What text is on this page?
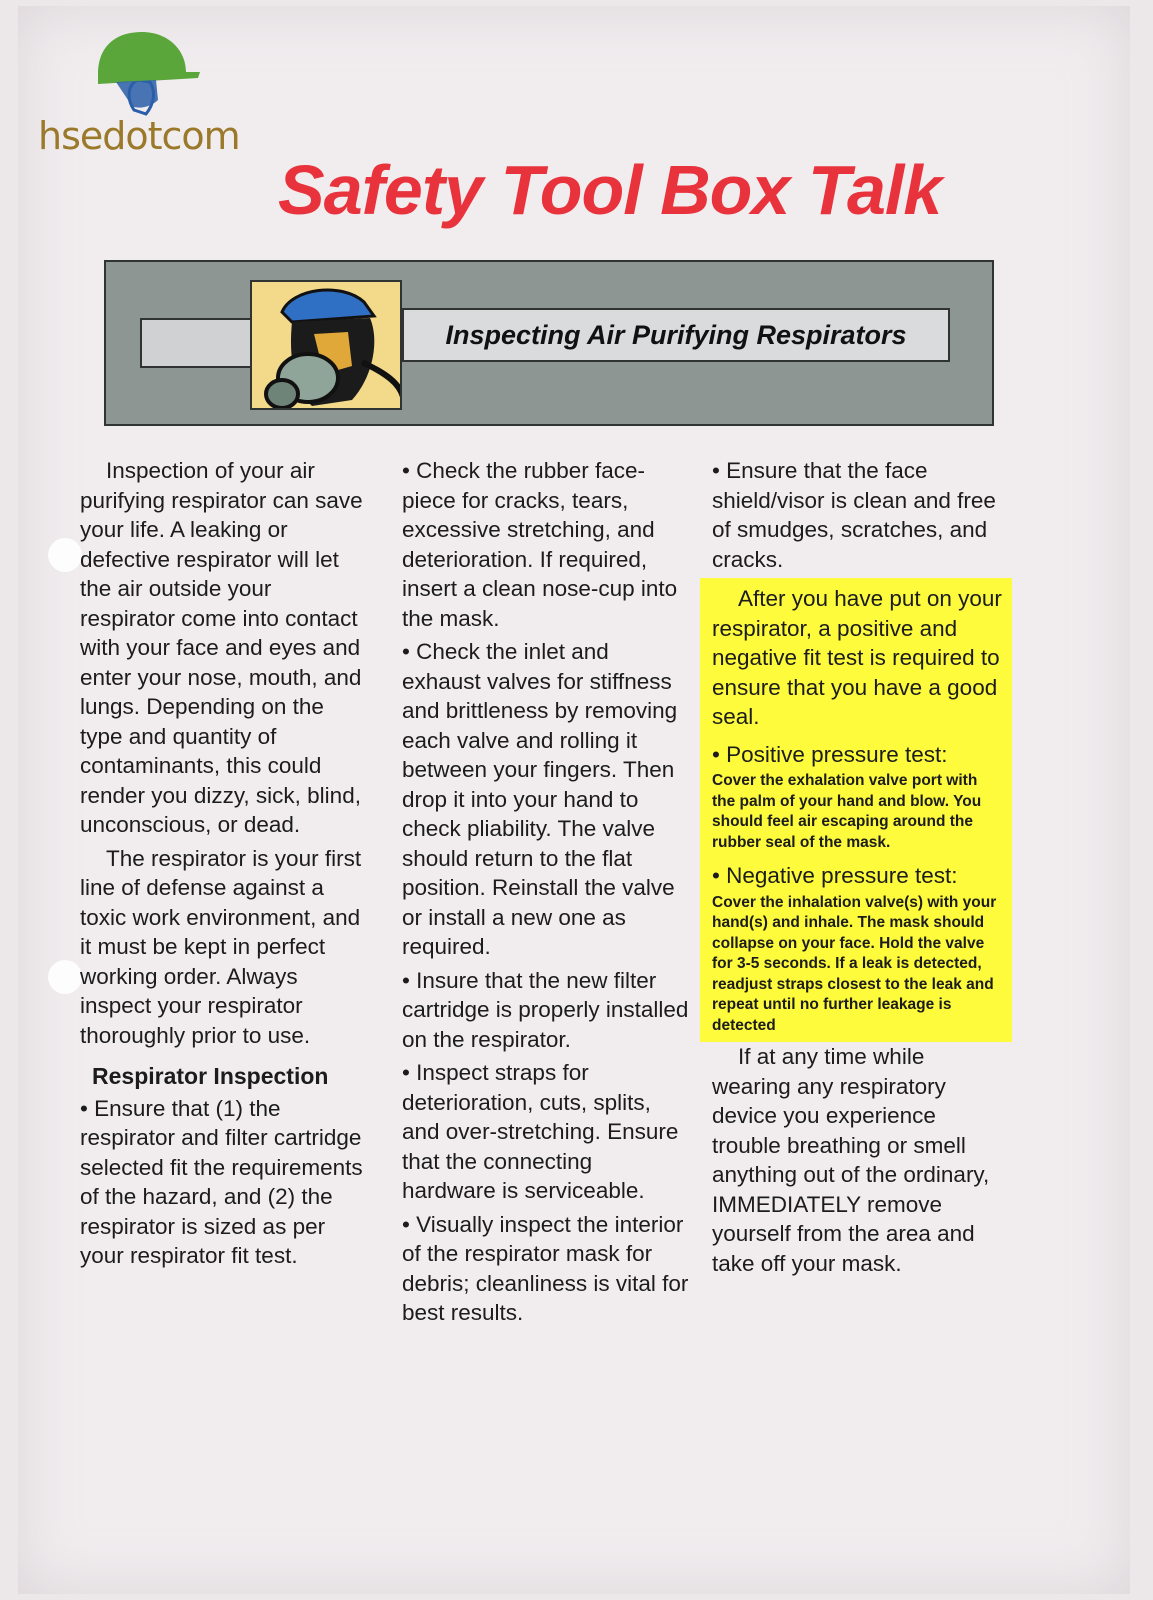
hsedotcom
Safety Tool Box Talk
Inspecting Air Purifying Respirators

Inspection of your air purifying respirator can save your life. A leaking or defective respirator will let the air outside your respirator come into contact with your face and eyes and enter your nose, mouth, and lungs. Depending on the type and quantity of contaminants, this could render you dizzy, sick, blind, unconscious, or dead.

The respirator is your first line of defense against a toxic work environment, and it must be kept in perfect working order. Always inspect your respirator thoroughly prior to use.

Respirator Inspection

• Ensure that (1) the respirator and filter cartridge selected fit the requirements of the hazard, and (2) the respirator is sized as per your respirator fit test.

• Check the rubber face-piece for cracks, tears, excessive stretching, and deterioration. If required, insert a clean nose-cup into the mask.

• Check the inlet and exhaust valves for stiffness and brittleness by removing each valve and rolling it between your fingers. Then drop it into your hand to check pliability. The valve should return to the flat position. Reinstall the valve or install a new one as required.

• Insure that the new filter cartridge is properly installed on the respirator.

• Inspect straps for deterioration, cuts, splits, and over-stretching. Ensure that the connecting hardware is serviceable.

• Visually inspect the interior of the respirator mask for debris; cleanliness is vital for best results.

• Ensure that the face shield/visor is clean and free of smudges, scratches, and cracks.

After you have put on your respirator, a positive and negative fit test is required to ensure that you have a good seal.

• Positive pressure test:

Cover the exhalation valve port with the palm of your hand and blow. You should feel air escaping around the rubber seal of the mask.

• Negative pressure test:

Cover the inhalation valve(s) with your hand(s) and inhale. The mask should collapse on your face. Hold the valve for 3-5 seconds. If a leak is detected, readjust straps closest to the leak and repeat until no further leakage is detected

If at any time while wearing any respiratory device you experience trouble breathing or smell anything out of the ordinary, IMMEDIATELY remove yourself from the area and take off your mask.
